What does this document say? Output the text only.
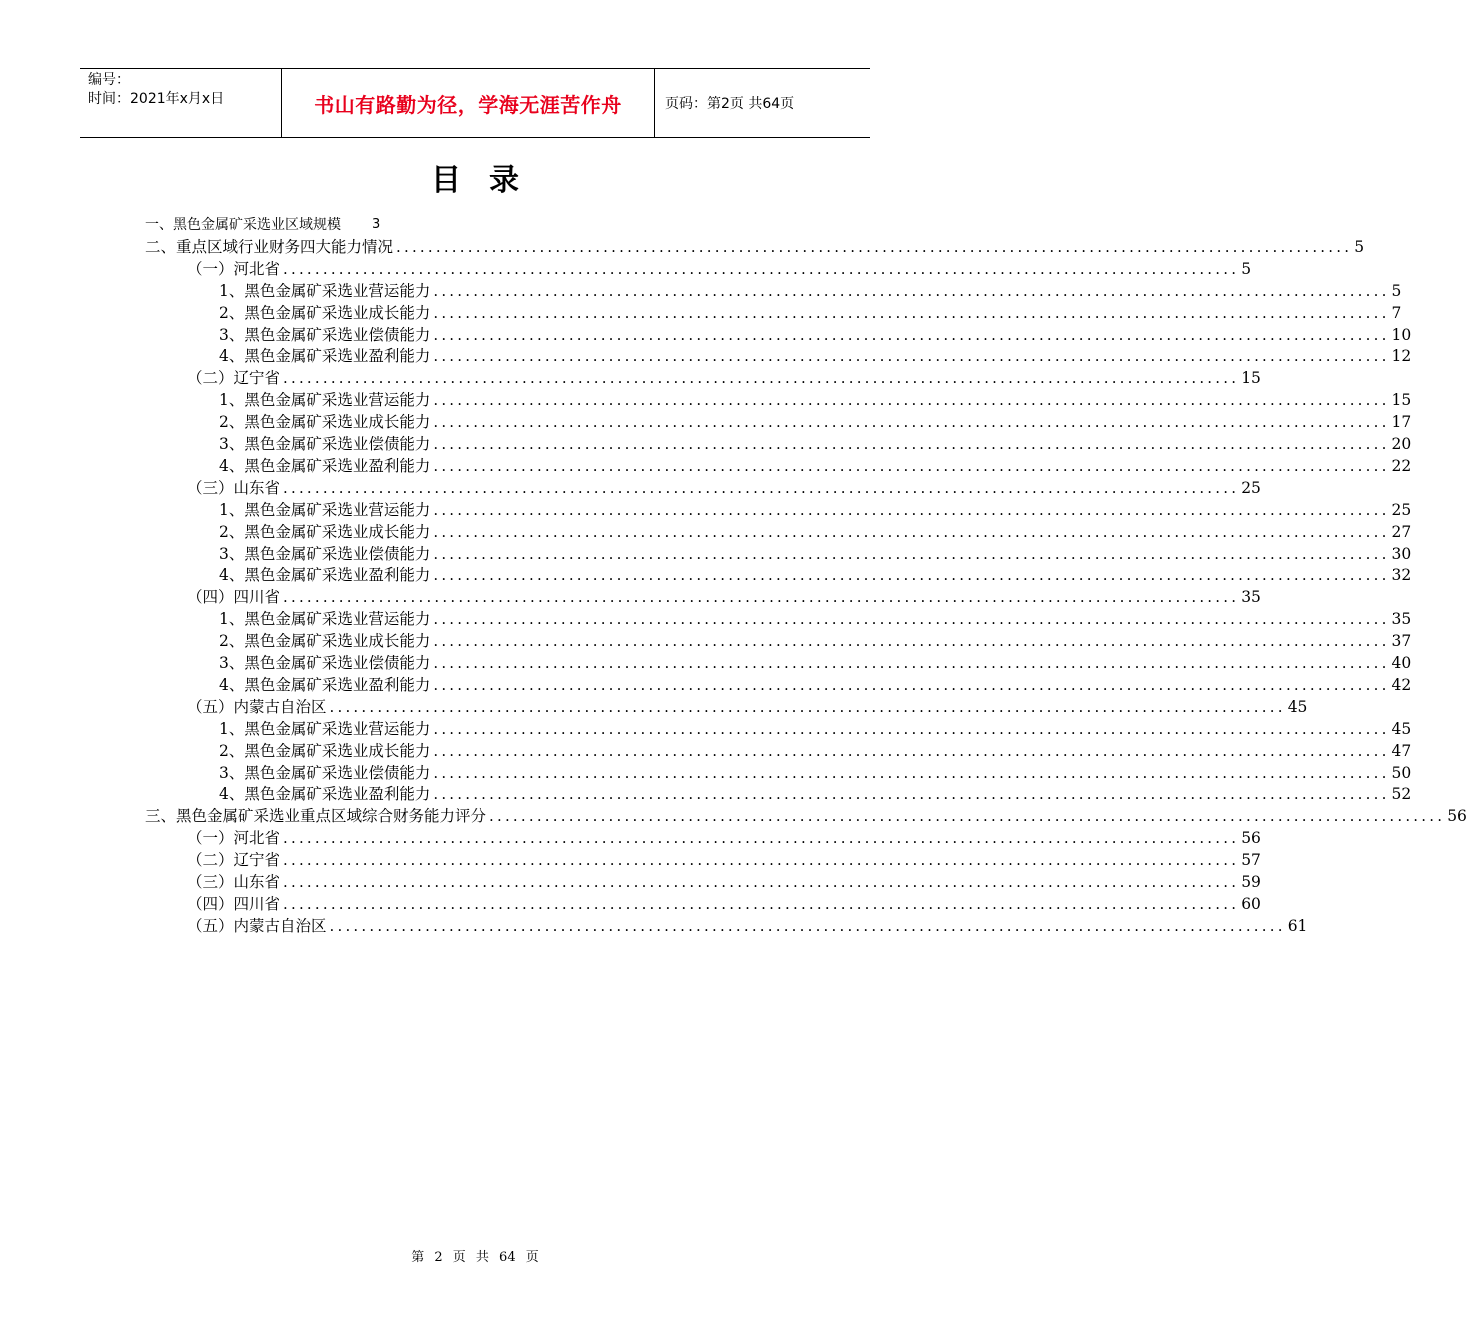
编号：
时间：2021年x月x日	书山有路勤为径，学海无涯苦作舟	页码：第2页 共64页
目录
一、黑色金属矿采选业区域规模	3
二、重点区域行业财务四大能力情况 ........................................................................................................................ 5
（一）河北省 ........................................................................................................................ 5
1、黑色金属矿采选业营运能力 ........................................................................................................................ 5
2、黑色金属矿采选业成长能力 ........................................................................................................................ 7
3、黑色金属矿采选业偿债能力 ........................................................................................................................ 10
4、黑色金属矿采选业盈利能力 ........................................................................................................................ 12
（二）辽宁省 ........................................................................................................................ 15
1、黑色金属矿采选业营运能力 ........................................................................................................................ 15
2、黑色金属矿采选业成长能力 ........................................................................................................................ 17
3、黑色金属矿采选业偿债能力 ........................................................................................................................ 20
4、黑色金属矿采选业盈利能力 ........................................................................................................................ 22
（三）山东省 ........................................................................................................................ 25
1、黑色金属矿采选业营运能力 ........................................................................................................................ 25
2、黑色金属矿采选业成长能力 ........................................................................................................................ 27
3、黑色金属矿采选业偿债能力 ........................................................................................................................ 30
4、黑色金属矿采选业盈利能力 ........................................................................................................................ 32
（四）四川省 ........................................................................................................................ 35
1、黑色金属矿采选业营运能力 ........................................................................................................................ 35
2、黑色金属矿采选业成长能力 ........................................................................................................................ 37
3、黑色金属矿采选业偿债能力 ........................................................................................................................ 40
4、黑色金属矿采选业盈利能力 ........................................................................................................................ 42
（五）内蒙古自治区 ........................................................................................................................ 45
1、黑色金属矿采选业营运能力 ........................................................................................................................ 45
2、黑色金属矿采选业成长能力 ........................................................................................................................ 47
3、黑色金属矿采选业偿债能力 ........................................................................................................................ 50
4、黑色金属矿采选业盈利能力 ........................................................................................................................ 52
三、黑色金属矿采选业重点区域综合财务能力评分 ........................................................................................................................ 56
（一）河北省 ........................................................................................................................ 56
（二）辽宁省 ........................................................................................................................ 57
（三）山东省 ........................................................................................................................ 59
（四）四川省 ........................................................................................................................ 60
（五）内蒙古自治区 ........................................................................................................................ 61
第 2 页 共 64 页
